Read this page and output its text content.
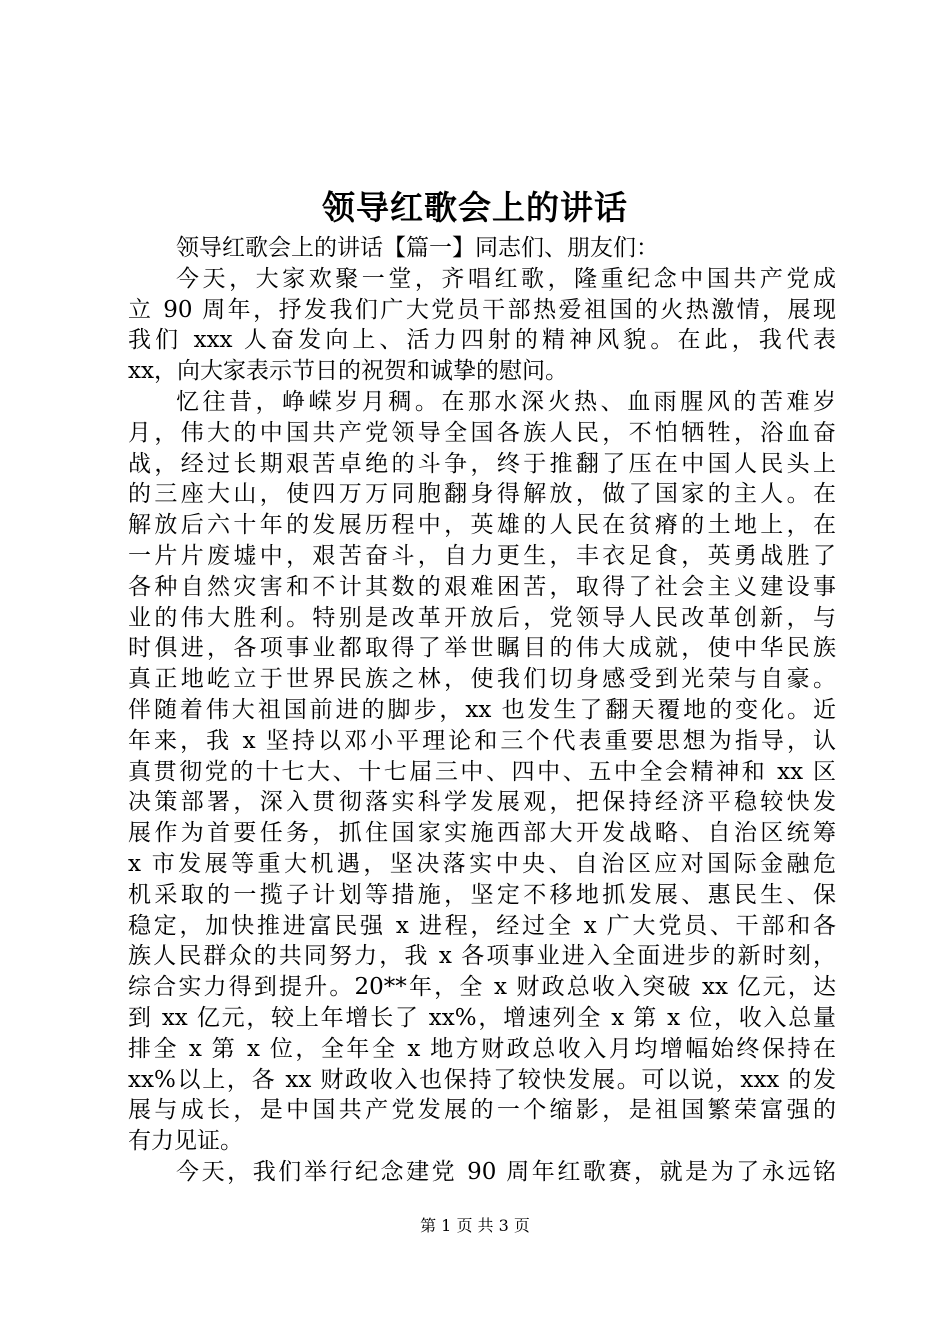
领导红歌会上的讲话
领导红歌会上的讲话【篇一】同志们、朋友们：
今天，大家欢聚一堂，齐唱红歌，隆重纪念中国共产党成
立 90 周年，抒发我们广大党员干部热爱祖国的火热激情，展现
我们 xxx 人奋发向上、活力四射的精神风貌。在此，我代表
xx，向大家表示节日的祝贺和诚挚的慰问。
忆往昔，峥嵘岁月稠。在那水深火热、血雨腥风的苦难岁
月，伟大的中国共产党领导全国各族人民，不怕牺牲，浴血奋
战，经过长期艰苦卓绝的斗争，终于推翻了压在中国人民头上
的三座大山，使四万万同胞翻身得解放，做了国家的主人。在
解放后六十年的发展历程中，英雄的人民在贫瘠的土地上，在
一片片废墟中，艰苦奋斗，自力更生，丰衣足食，英勇战胜了
各种自然灾害和不计其数的艰难困苦，取得了社会主义建设事
业的伟大胜利。特别是改革开放后，党领导人民改革创新，与
时俱进，各项事业都取得了举世瞩目的伟大成就，使中华民族
真正地屹立于世界民族之林，使我们切身感受到光荣与自豪。
伴随着伟大祖国前进的脚步，xx 也发生了翻天覆地的变化。近
年来，我 x 坚持以邓小平理论和三个代表重要思想为指导，认
真贯彻党的十七大、十七届三中、四中、五中全会精神和 xx 区
决策部署，深入贯彻落实科学发展观，把保持经济平稳较快发
展作为首要任务，抓住国家实施西部大开发战略、自治区统筹
x 市发展等重大机遇，坚决落实中央、自治区应对国际金融危
机采取的一揽子计划等措施，坚定不移地抓发展、惠民生、保
稳定，加快推进富民强 x 进程，经过全 x 广大党员、干部和各
族人民群众的共同努力，我 x 各项事业进入全面进步的新时刻，
综合实力得到提升。20**年，全 x 财政总收入突破 xx 亿元，达
到 xx 亿元，较上年增长了 xx%，增速列全 x 第 x 位，收入总量
排全 x 第 x 位，全年全 x 地方财政总收入月均增幅始终保持在
xx%以上，各 xx 财政收入也保持了较快发展。可以说，xxx 的发
展与成长，是中国共产党发展的一个缩影，是祖国繁荣富强的
有力见证。
今天，我们举行纪念建党 90 周年红歌赛，就是为了永远铭
第 1 页 共 3 页
